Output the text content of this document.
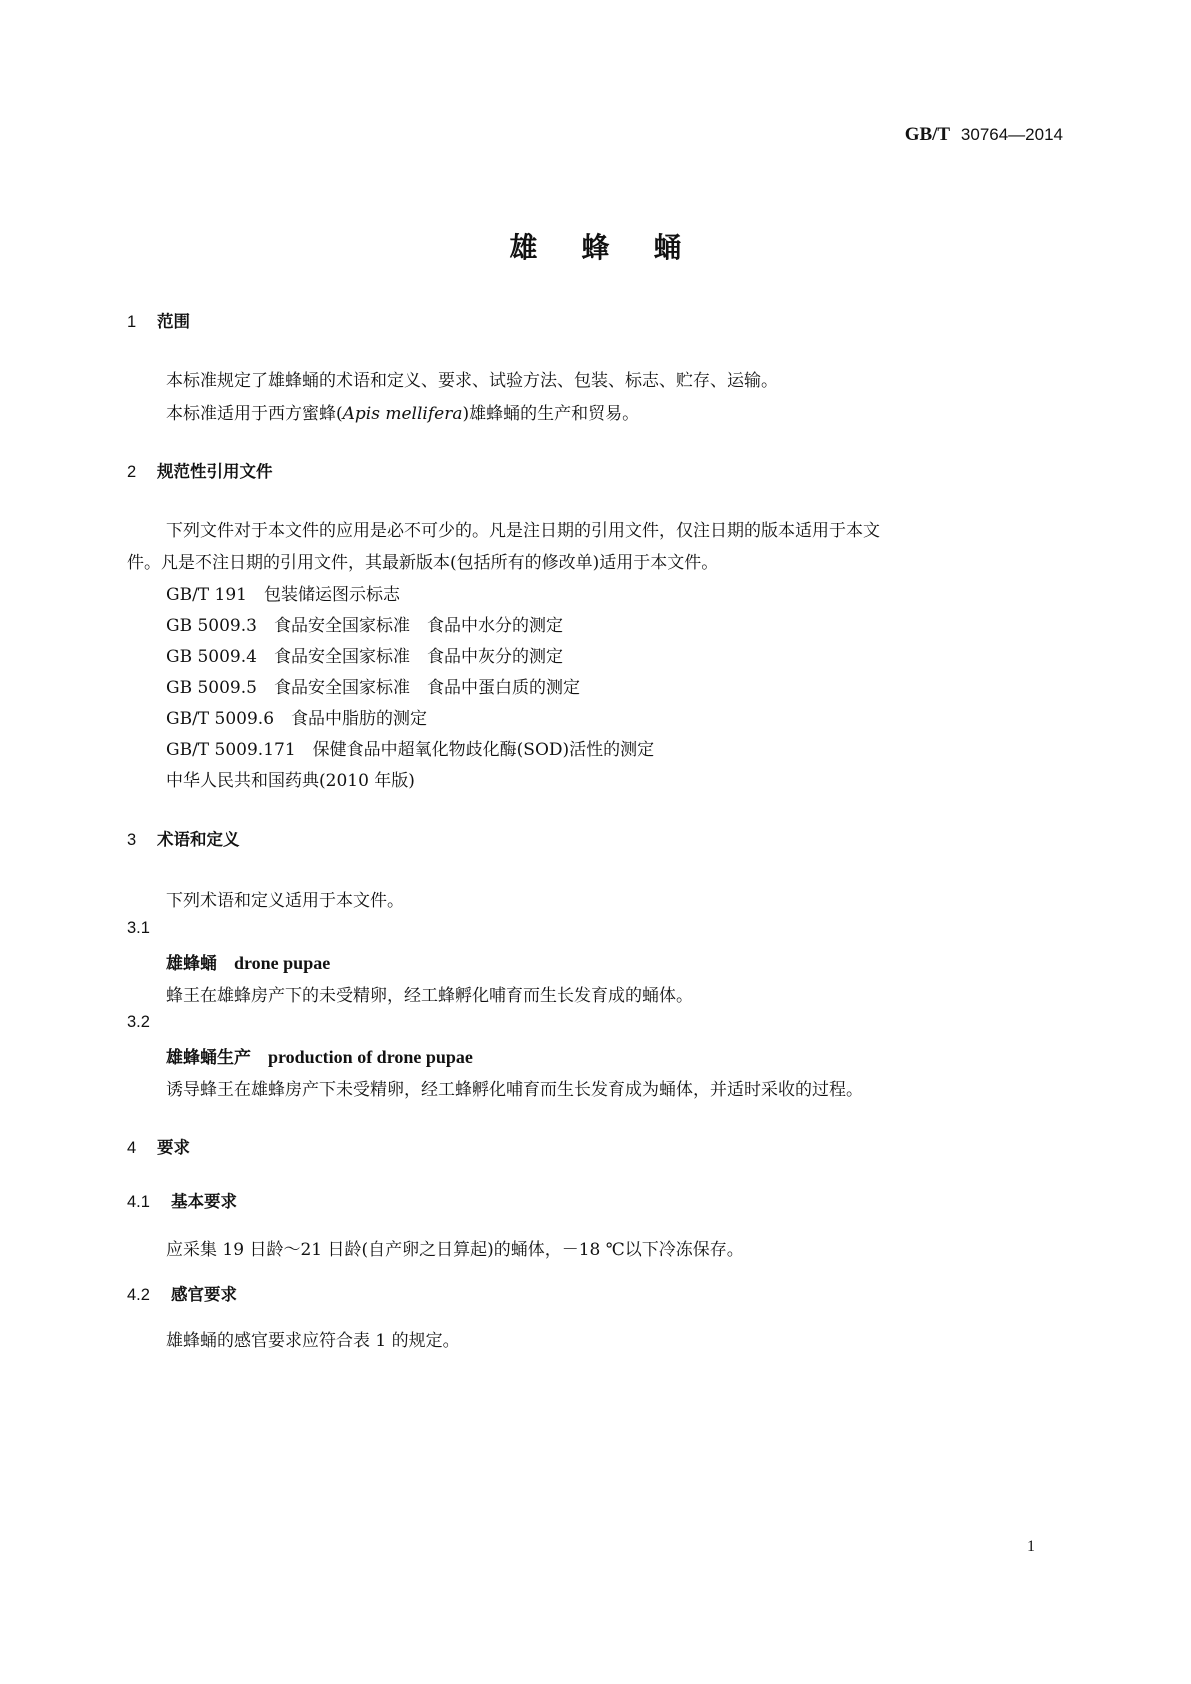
GB/T 30764—2014
雄蜂蛹
1 范围
本标准规定了雄蜂蛹的术语和定义、要求、试验方法、包装、标志、贮存、运输。
本标准适用于西方蜜蜂(Apis mellifera)雄蜂蛹的生产和贸易。
2 规范性引用文件
下列文件对于本文件的应用是必不可少的。凡是注日期的引用文件，仅注日期的版本适用于本文
件。凡是不注日期的引用文件，其最新版本(包括所有的修改单)适用于本文件。
GB/T 191　 包装储运图示标志
GB 5009.3　 食品安全国家标准　食品中水分的测定
GB 5009.4　 食品安全国家标准　食品中灰分的测定
GB 5009.5　 食品安全国家标准　食品中蛋白质的测定
GB/T 5009.6　 食品中脂肪的测定
GB/T 5009.171　 保健食品中超氧化物歧化酶(SOD)活性的测定
中华人民共和国药典(2010 年版)
3 术语和定义
下列术语和定义适用于本文件。
3.1
雄蜂蛹　 drone pupae
蜂王在雄蜂房产下的未受精卵，经工蜂孵化哺育而生长发育成的蛹体。
3.2
雄蜂蛹生产　 production of drone pupae
诱导蜂王在雄蜂房产下未受精卵，经工蜂孵化哺育而生长发育成为蛹体，并适时采收的过程。
4 要求
4.1 基本要求
应采集 19 日龄～21 日龄(自产卵之日算起)的蛹体，－18 ℃以下冷冻保存。
4.2 感官要求
雄蜂蛹的感官要求应符合表 1 的规定。
1
